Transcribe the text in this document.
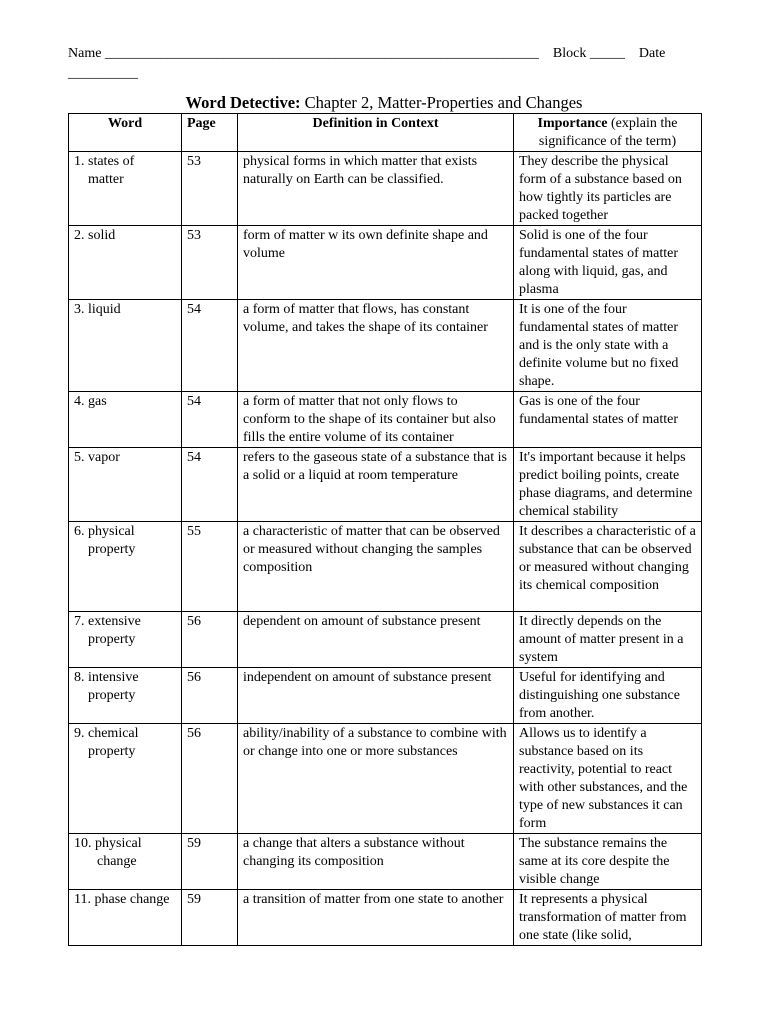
Name ______________________________________________________________    Block _____    Date __________
Word Detective: Chapter 2, Matter-Properties and Changes
Word	Page	Definition in Context	Importance (explain the significance of the term)

1. states of
matter	53	physical forms in which matter that exists naturally on Earth can be classified.	They describe the physical form of a substance based on how tightly its particles are packed together

2. solid	53	form of matter w its own definite shape and volume	Solid is one of the four fundamental states of matter along with liquid, gas, and plasma

3. liquid	54	a form of matter that flows, has constant volume, and takes the shape of its container	It is one of the four fundamental states of matter and is the only state with a definite volume but no fixed shape.

4. gas	54	a form of matter that not only flows to conform to the shape of its container but also fills the entire volume of its container	Gas is one of the four fundamental states of matter

5. vapor	54	refers to the gaseous state of a substance that is a solid or a liquid at room temperature	It's important because it helps predict boiling points, create phase diagrams, and determine chemical stability

6. physical
property	55	a characteristic of matter that can be observed or measured without changing the samples composition	It describes a characteristic of a substance that can be observed or measured without changing its chemical composition

7. extensive
property	56	dependent on amount of substance present	It directly depends on the amount of matter present in a system

8. intensive
property	56	independent on amount of substance present	Useful for identifying and distinguishing one substance from another.

9. chemical
property	56	ability/inability of a substance to combine with or change into one or more substances	Allows us to identify a substance based on its reactivity, potential to react with other substances, and the type of new substances it can form

10. physical
change	59	a change that alters a substance without changing its composition	The substance remains the same at its core despite the visible change

11. phase change	59	a transition of matter from one state to another	It represents a physical transformation of matter from one state (like solid,
